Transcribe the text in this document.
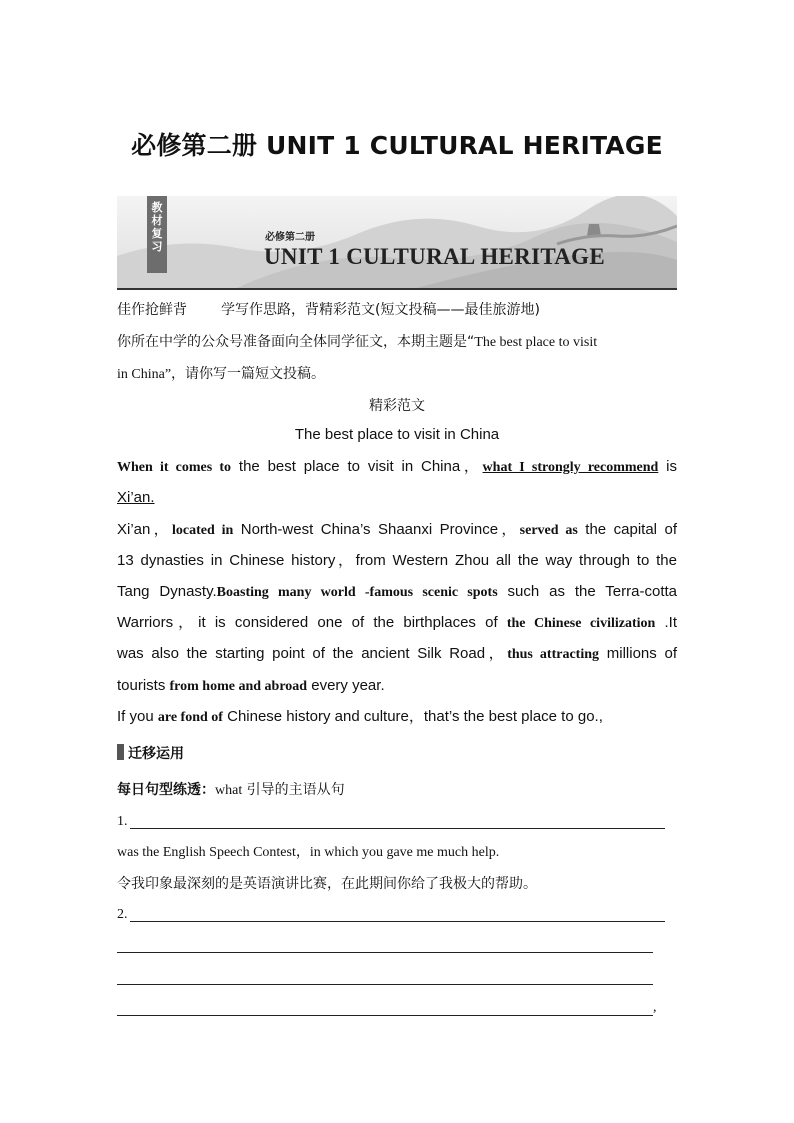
必修第二册 UNIT 1 CULTURAL HERITAGE
教
材
复
习
必修第二册
UNIT 1 CULTURAL HERITAGE
佳作抢鲜背 学写作思路，背精彩范文(短文投稿——最佳旅游地)
你所在中学的公众号准备面向全体同学征文，本期主题是“The best place to visit
in China”，请你写一篇短文投稿。
精彩范文
The best place to visit in China
When it comes to the best place to visit in China，what I strongly recommend is
Xi’an.
Xi’an，located in North-west China’s Shaanxi Province，served as the capital of
13 dynasties in Chinese history，from Western Zhou all the way through to the
Tang Dynasty.Boasting many world -famous scenic spots such as the Terra-cotta
Warriors，it is considered one of the birthplaces of the Chinese civilization .It
was also the starting point of the ancient Silk Road，thus attracting millions of
tourists from home and abroad every year.
If you are fond of Chinese history and culture，that’s the best place to go.,
迁移运用
每日句型练透：what 引导的主语从句
1.
was the English Speech Contest，in which you gave me much help.
令我印象最深刻的是英语演讲比赛，在此期间你给了我极大的帮助。
2.
,
